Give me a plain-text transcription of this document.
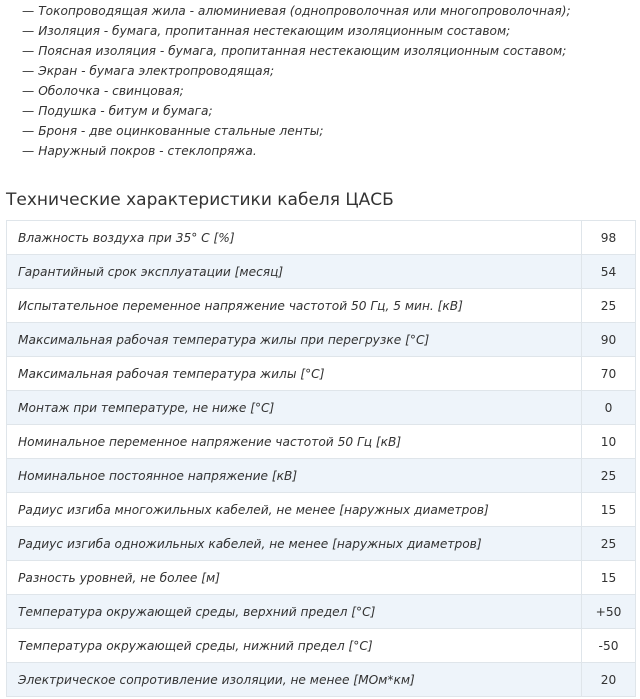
— Токопроводящая жила - алюминиевая (однопроволочная или многопроволочная);
— Изоляция - бумага, пропитанная нестекающим изоляционным составом;
— Поясная изоляция - бумага, пропитанная нестекающим изоляционным составом;
— Экран - бумага электропроводящая;
— Оболочка - свинцовая;
— Подушка - битум и бумага;
— Броня - две оцинкованные стальные ленты;
— Наружный покров - стеклопряжа.
Технические характеристики кабеля ЦАСБ
Влажность воздуха при 35° С [%]	98
Гарантийный срок эксплуатации [месяц]	54
Испытательное переменное напряжение частотой 50 Гц, 5 мин. [кВ]	25
Максимальная рабочая температура жилы при перегрузке [°С]	90
Максимальная рабочая температура жилы [°С]	70
Монтаж при температуре, не ниже [°С]	0
Номинальное переменное напряжение частотой 50 Гц [кВ]	10
Номинальное постоянное напряжение [кВ]	25
Радиус изгиба многожильных кабелей, не менее [наружных диаметров]	15
Радиус изгиба одножильных кабелей, не менее [наружных диаметров]	25
Разность уровней, не более [м]	15
Температура окружающей среды, верхний предел [°С]	+50
Температура окружающей среды, нижний предел [°С]	-50
Электрическое сопротивление изоляции, не менее [МОм*км]	20
